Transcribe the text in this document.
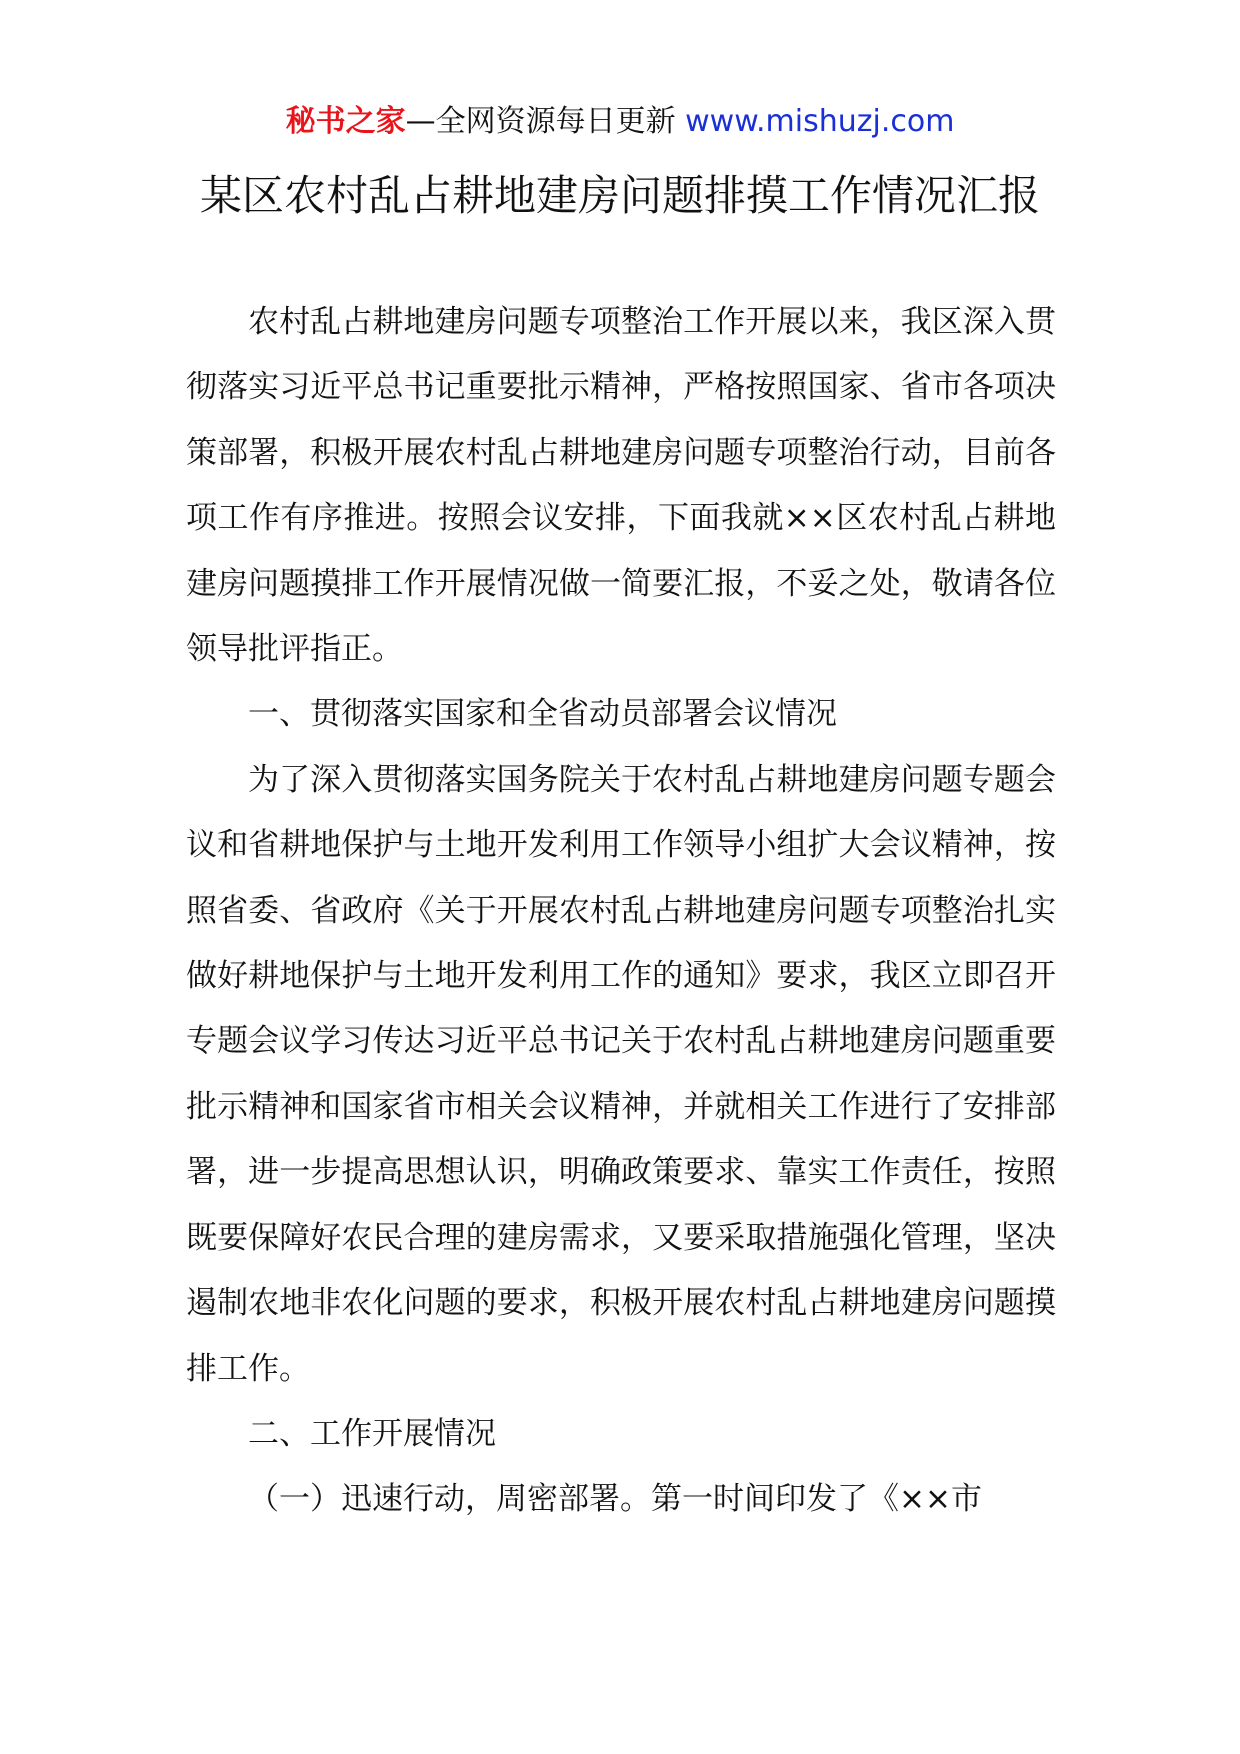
秘书之家—全网资源每日更新 www.mishuzj.com
某区农村乱占耕地建房问题排摸工作情况汇报

农村乱占耕地建房问题专项整治工作开展以来，我区深入贯彻落实习近平总书记重要批示精神，严格按照国家、省市各项决策部署，积极开展农村乱占耕地建房问题专项整治行动，目前各项工作有序推进。按照会议安排，下面我就××区农村乱占耕地建房问题摸排工作开展情况做一简要汇报，不妥之处，敬请各位领导批评指正。

一、贯彻落实国家和全省动员部署会议情况

为了深入贯彻落实国务院关于农村乱占耕地建房问题专题会议和省耕地保护与土地开发利用工作领导小组扩大会议精神，按照省委、省政府《关于开展农村乱占耕地建房问题专项整治扎实做好耕地保护与土地开发利用工作的通知》要求，我区立即召开专题会议学习传达习近平总书记关于农村乱占耕地建房问题重要批示精神和国家省市相关会议精神，并就相关工作进行了安排部署，进一步提高思想认识，明确政策要求、靠实工作责任，按照既要保障好农民合理的建房需求，又要采取措施强化管理，坚决遏制农地非农化问题的要求，积极开展农村乱占耕地建房问题摸排工作。

二、工作开展情况

（一）迅速行动，周密部署。第一时间印发了《××市
